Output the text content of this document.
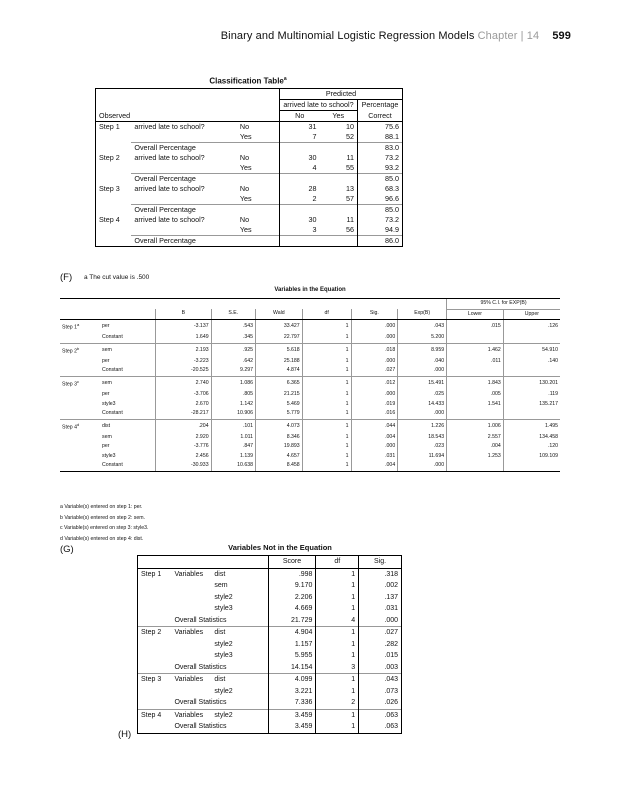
Binary and Multinomial Logistic Regression Models Chapter | 14 599
Classification Table$^a$
			Predicted		
			arrived late to school?		Percentage
Observed			No	Yes	Correct
Step 1	arrived late to school?	No	31	10	75.6
		Yes	7	52	88.1
	Overall Percentage				83.0
Step 2	arrived late to school?	No	30	11	73.2
		Yes	4	55	93.2
	Overall Percentage				85.0
Step 3	arrived late to school?	No	28	13	68.3
		Yes	2	57	96.6
	Overall Percentage				85.0
Step 4	arrived late to school?	No	30	11	73.2
		Yes	3	56	94.9
	Overall Percentage				86.0
(F) a The cut value is .500
Variables in the Equation
								95% C.I. for EXP(B)	
		B	S.E.	Wald	df	Sig.	Exp(B)	Lower	Upper
Step 1$^a$	per	-3.137	.543	33.427	1	.000	.043	.015	.126
	Constant	1.649	.345	22.797	1	.000	5.200		
Step 2$^b$	sem	2.193	.925	5.618	1	.018	8.959	1.462	54.910
	per	-3.223	.642	25.188	1	.000	.040	.011	.140
	Constant	-20.525	9.297	4.874	1	.027	.000		
Step 3$^c$	sem	2.740	1.086	6.365	1	.012	15.491	1.843	130.201
	per	-3.706	.805	21.215	1	.000	.025	.005	.119
	style3	2.670	1.142	5.469	1	.019	14.433	1.541	135.217
	Constant	-28.217	10.906	5.779	1	.016	.000		
Step 4$^d$	dist	.204	.101	4.073	1	.044	1.226	1.006	1.495
	sem	2.920	1.011	8.346	1	.004	18.543	2.557	134.458
	per	-3.776	.847	19.893	1	.000	.023	.004	.120
	style3	2.456	1.139	4.657	1	.031	11.694	1.253	109.109
	Constant	-30.933	10.638	8.458	1	.004	.000		
a Variable(s) entered on step 1: per.
b Variable(s) entered on step 2: sem.
c Variable(s) entered on step 3: style3.
d Variable(s) entered on step 4: dist.
(G)	Variables Not in the Equation
			Score	df	Sig.
Step 1	Variables	dist	.998	1	.318
		sem	9.170	1	.002
		style2	2.206	1	.137
		style3	4.669	1	.031
	Overall Statistics		21.729	4	.000
Step 2	Variables	dist	4.904	1	.027
		style2	1.157	1	.282
		style3	5.955	1	.015
	Overall Statistics		14.154	3	.003
Step 3	Variables	dist	4.099	1	.043
		style2	3.221	1	.073
	Overall Statistics		7.336	2	.026
Step 4	Variables	style2	3.459	1	.063
	Overall Statistics		3.459	1	.063
(H)
